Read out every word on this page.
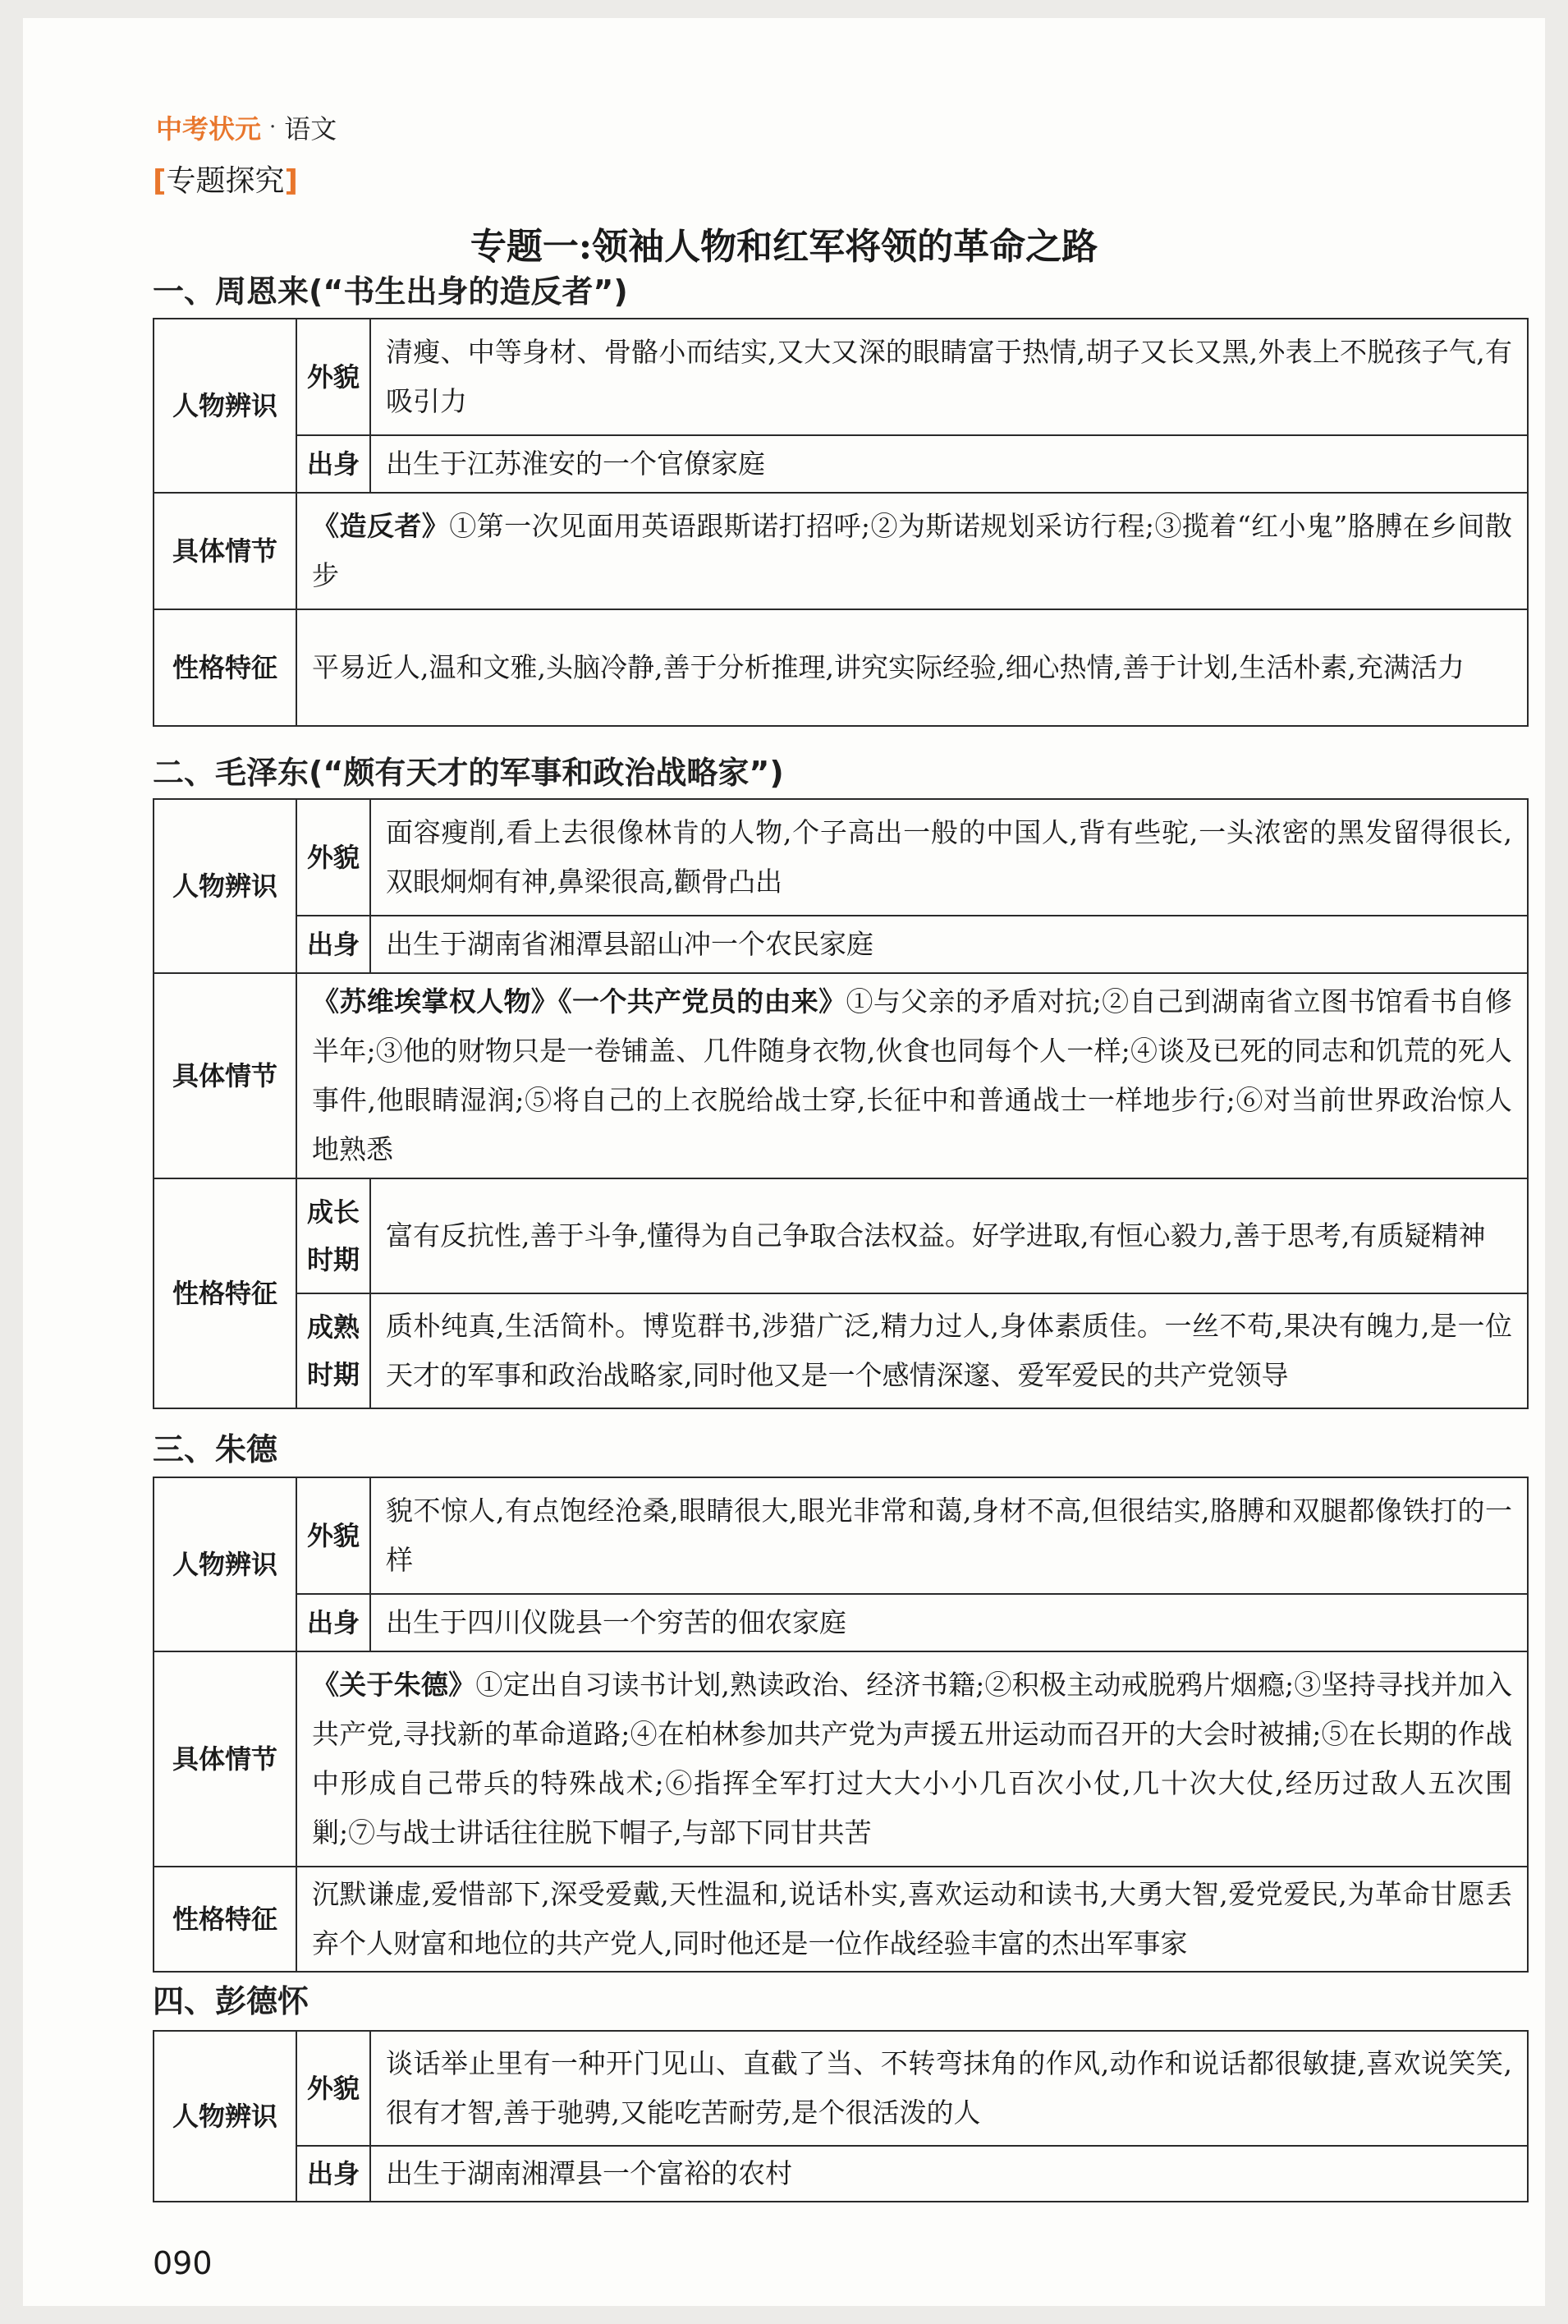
中考状元 · 语文
[专题探究]
专题一:领袖人物和红军将领的革命之路
一、周恩来(“书生出身的造反者”)
人物辨识	外貌	清瘦、中等身材、骨骼小而结实,又大又深的眼睛富于热情,胡子又长又黑,外表上不脱孩子气,有吸引力
	出身	出生于江苏淮安的一个官僚家庭
具体情节	《造反者》①第一次见面用英语跟斯诺打招呼;②为斯诺规划采访行程;③揽着“红小鬼”胳膊在乡间散步	
性格特征	平易近人,温和文雅,头脑冷静,善于分析推理,讲究实际经验,细心热情,善于计划,生活朴素,充满活力	
二、毛泽东(“颇有天才的军事和政治战略家”)
人物辨识	外貌	面容瘦削,看上去很像林肯的人物,个子高出一般的中国人,背有些驼,一头浓密的黑发留得很长,双眼炯炯有神,鼻梁很高,颧骨凸出
	出身	出生于湖南省湘潭县韶山冲一个农民家庭
具体情节	《苏维埃掌权人物》《一个共产党员的由来》①与父亲的矛盾对抗;②自己到湖南省立图书馆看书自修半年;③他的财物只是一卷铺盖、几件随身衣物,伙食也同每个人一样;④谈及已死的同志和饥荒的死人事件,他眼睛湿润;⑤将自己的上衣脱给战士穿,长征中和普通战士一样地步行;⑥对当前世界政治惊人地熟悉	
性格特征	成长时期	富有反抗性,善于斗争,懂得为自己争取合法权益。好学进取,有恒心毅力,善于思考,有质疑精神
	成熟时期	质朴纯真,生活简朴。博览群书,涉猎广泛,精力过人,身体素质佳。一丝不苟,果决有魄力,是一位天才的军事和政治战略家,同时他又是一个感情深邃、爱军爱民的共产党领导
三、朱德
人物辨识	外貌	貌不惊人,有点饱经沧桑,眼睛很大,眼光非常和蔼,身材不高,但很结实,胳膊和双腿都像铁打的一样
	出身	出生于四川仪陇县一个穷苦的佃农家庭
具体情节	《关于朱德》①定出自习读书计划,熟读政治、经济书籍;②积极主动戒脱鸦片烟瘾;③坚持寻找并加入共产党,寻找新的革命道路;④在柏林参加共产党为声援五卅运动而召开的大会时被捕;⑤在长期的作战中形成自己带兵的特殊战术;⑥指挥全军打过大大小小几百次小仗,几十次大仗,经历过敌人五次围剿;⑦与战士讲话往往脱下帽子,与部下同甘共苦	
性格特征	沉默谦虚,爱惜部下,深受爱戴,天性温和,说话朴实,喜欢运动和读书,大勇大智,爱党爱民,为革命甘愿丢弃个人财富和地位的共产党人,同时他还是一位作战经验丰富的杰出军事家	
四、彭德怀
人物辨识	外貌	谈话举止里有一种开门见山、直截了当、不转弯抹角的作风,动作和说话都很敏捷,喜欢说笑笑,很有才智,善于驰骋,又能吃苦耐劳,是个很活泼的人
	出身	出生于湖南湘潭县一个富裕的农村
090
